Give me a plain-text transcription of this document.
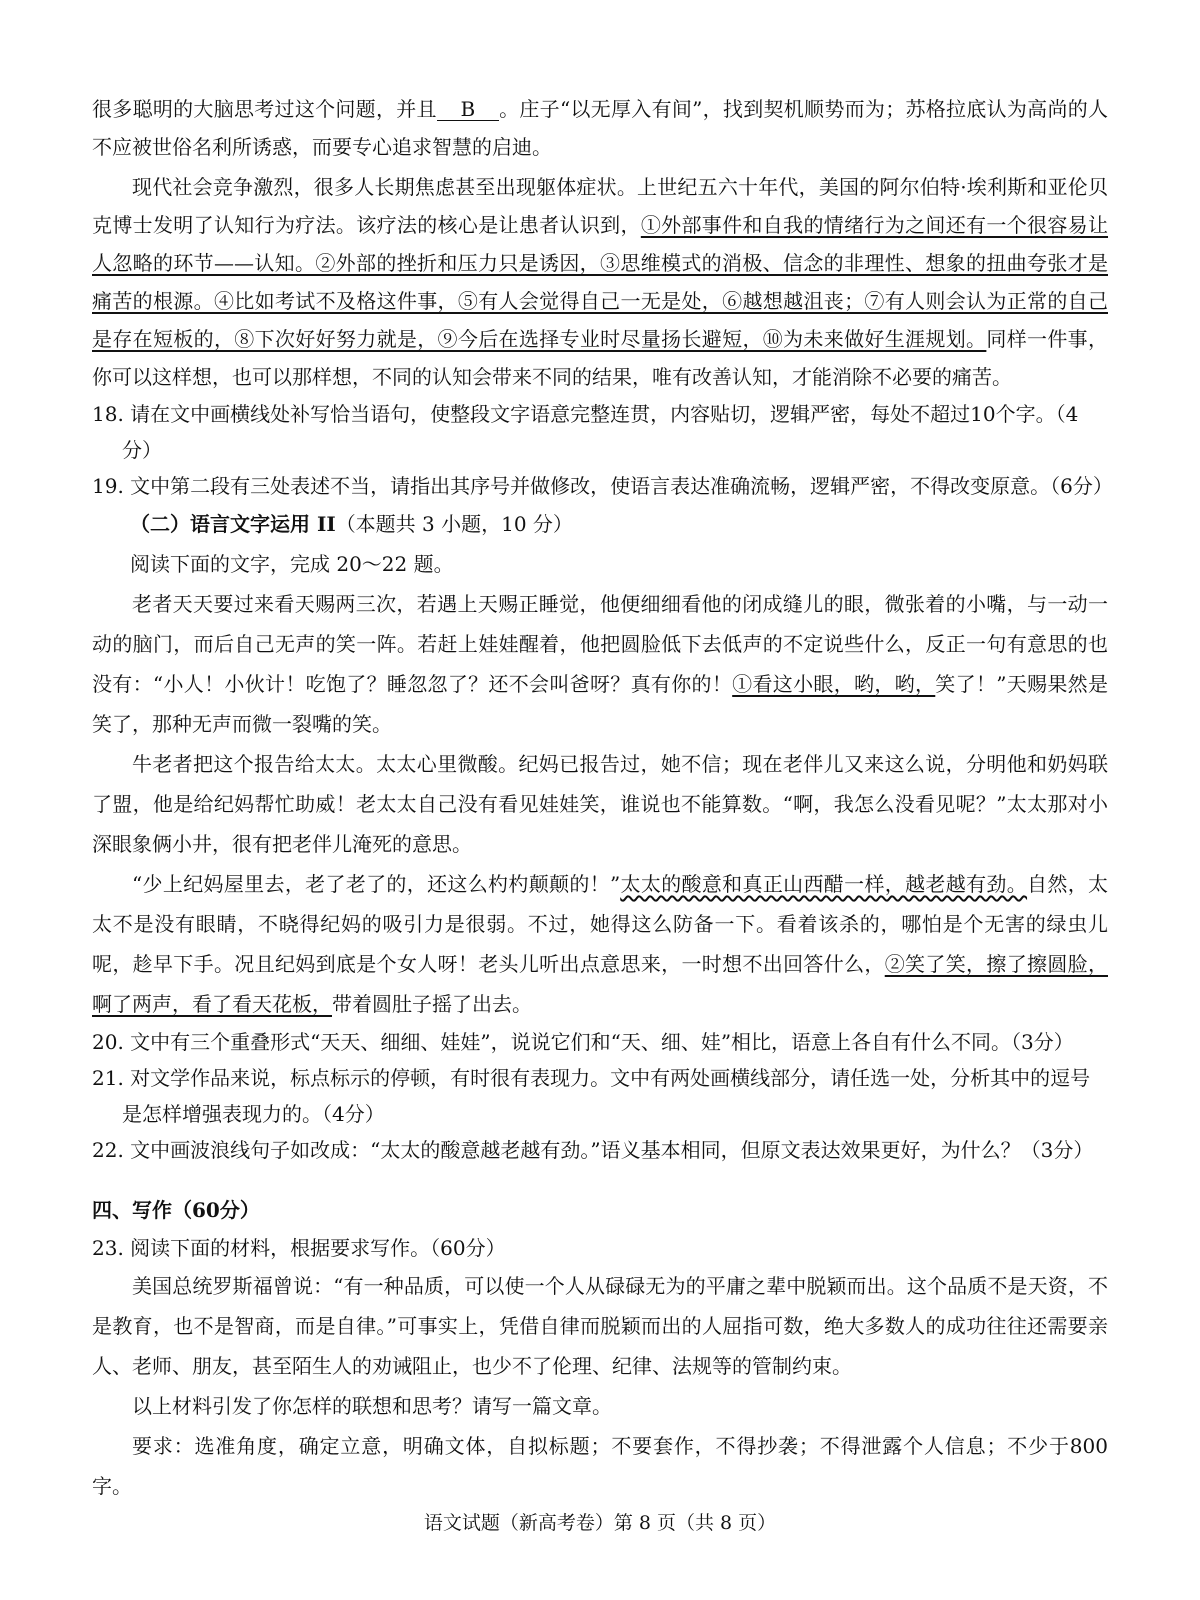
很多聪明的大脑思考过这个问题，并且 B 。庄子“以无厚入有间”，找到契机顺势而为；苏格拉底认为高尚的人不应被世俗名利所诱惑，而要专心追求智慧的启迪。

现代社会竞争激烈，很多人长期焦虑甚至出现躯体症状。上世纪五六十年代，美国的阿尔伯特·埃利斯和亚伦贝克博士发明了认知行为疗法。该疗法的核心是让患者认识到，①外部事件和自我的情绪行为之间还有一个很容易让人忽略的环节——认知。②外部的挫折和压力只是诱因，③思维模式的消极、信念的非理性、想象的扭曲夸张才是痛苦的根源。④比如考试不及格这件事，⑤有人会觉得自己一无是处，⑥越想越沮丧；⑦有人则会认为正常的自己是存在短板的，⑧下次好好努力就是，⑨今后在选择专业时尽量扬长避短，⑩为未来做好生涯规划。同样一件事，你可以这样想，也可以那样想，不同的认知会带来不同的结果，唯有改善认知，才能消除不必要的痛苦。

18. 请在文中画横线处补写恰当语句，使整段文字语意完整连贯，内容贴切，逻辑严密，每处不超过10个字。（4分）
19. 文中第二段有三处表述不当，请指出其序号并做修改，使语言表达准确流畅，逻辑严密，不得改变原意。（6分）
（二）语言文字运用 II（本题共 3 小题，10 分）
阅读下面的文字，完成 20～22 题。

老者天天要过来看天赐两三次，若遇上天赐正睡觉，他便细细看他的闭成缝儿的眼，微张着的小嘴，与一动一动的脑门，而后自己无声的笑一阵。若赶上娃娃醒着，他把圆脸低下去低声的不定说些什么，反正一句有意思的也没有：“小人！小伙计！吃饱了？睡忽忽了？还不会叫爸呀？真有你的！①看这小眼，哟，哟，笑了！”天赐果然是笑了，那种无声而微一裂嘴的笑。

牛老者把这个报告给太太。太太心里微酸。纪妈已报告过，她不信；现在老伴儿又来这么说，分明他和奶妈联了盟，他是给纪妈帮忙助威！老太太自己没有看见娃娃笑，谁说也不能算数。“啊，我怎么没看见呢？”太太那对小深眼象俩小井，很有把老伴儿淹死的意思。

“少上纪妈屋里去，老了老了的，还这么杓杓颠颠的！”太太的酸意和真正山西醋一样，越老越有劲。自然，太太不是没有眼睛，不晓得纪妈的吸引力是很弱。不过，她得这么防备一下。看着该杀的，哪怕是个无害的绿虫儿呢，趁早下手。况且纪妈到底是个女人呀！老头儿听出点意思来，一时想不出回答什么，②笑了笑，擦了擦圆脸，啊了两声，看了看天花板，带着圆肚子摇了出去。

20. 文中有三个重叠形式“天天、细细、娃娃”，说说它们和“天、细、娃”相比，语意上各自有什么不同。（3分）
21. 对文学作品来说，标点标示的停顿，有时很有表现力。文中有两处画横线部分，请任选一处，分析其中的逗号是怎样增强表现力的。（4分）
22. 文中画波浪线句子如改成：“太太的酸意越老越有劲。”语义基本相同，但原文表达效果更好，为什么？（3分）
四、写作（60分）
23. 阅读下面的材料，根据要求写作。（60分）

美国总统罗斯福曾说：“有一种品质，可以使一个人从碌碌无为的平庸之辈中脱颖而出。这个品质不是天资，不是教育，也不是智商，而是自律。”可事实上，凭借自律而脱颖而出的人屈指可数，绝大多数人的成功往往还需要亲人、老师、朋友，甚至陌生人的劝诫阻止，也少不了伦理、纪律、法规等的管制约束。

以上材料引发了你怎样的联想和思考？请写一篇文章。

要求：选准角度，确定立意，明确文体，自拟标题；不要套作，不得抄袭；不得泄露个人信息；不少于800字。

语文试题（新高考卷）第 8 页（共 8 页）
